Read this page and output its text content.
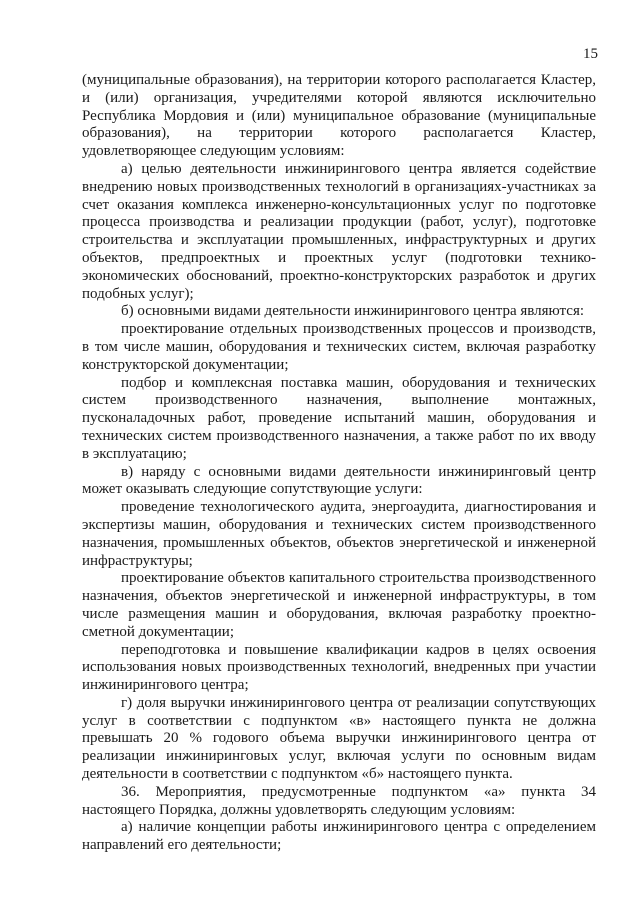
15

(муниципальные образования), на территории которого располагается Кластер, и (или) организация, учредителями которой являются исключительно Республика Мордовия и (или) муниципальное образование (муниципальные образования), на территории которого располагается Кластер, удовлетворяющее следующим условиям:

а) целью деятельности инжинирингового центра является содействие внедрению новых производственных технологий в организациях-участниках за счет оказания комплекса инженерно-консультационных услуг по подготовке процесса производства и реализации продукции (работ, услуг), подготовке строительства и эксплуатации промышленных, инфраструктурных и других объектов, предпроектных и проектных услуг (подготовки технико-экономических обоснований, проектно-конструкторских разработок и других подобных услуг);

б) основными видами деятельности инжинирингового центра являются:

проектирование отдельных производственных процессов и производств, в том числе машин, оборудования и технических систем, включая разработку конструкторской документации;

подбор и комплексная поставка машин, оборудования и технических систем производственного назначения, выполнение монтажных, пусконаладочных работ, проведение испытаний машин, оборудования и технических систем производственного назначения, а также работ по их вводу в эксплуатацию;

в) наряду с основными видами деятельности инжиниринговый центр может оказывать следующие сопутствующие услуги:

проведение технологического аудита, энергоаудита, диагностирования и экспертизы машин, оборудования и технических систем производственного назначения, промышленных объектов, объектов энергетической и инженерной инфраструктуры;

проектирование объектов капитального строительства производственного назначения, объектов энергетической и инженерной инфраструктуры, в том числе размещения машин и оборудования, включая разработку проектно-сметной документации;

переподготовка и повышение квалификации кадров в целях освоения использования новых производственных технологий, внедренных при участии инжинирингового центра;

г) доля выручки инжинирингового центра от реализации сопутствующих услуг в соответствии с подпунктом «в» настоящего пункта не должна превышать 20 % годового объема выручки инжинирингового центра от реализации инжиниринговых услуг, включая услуги по основным видам деятельности в соответствии с подпунктом «б» настоящего пункта.

36. Мероприятия, предусмотренные подпунктом «а» пункта 34 настоящего Порядка, должны удовлетворять следующим условиям:

а) наличие концепции работы инжинирингового центра с определением направлений его деятельности;
